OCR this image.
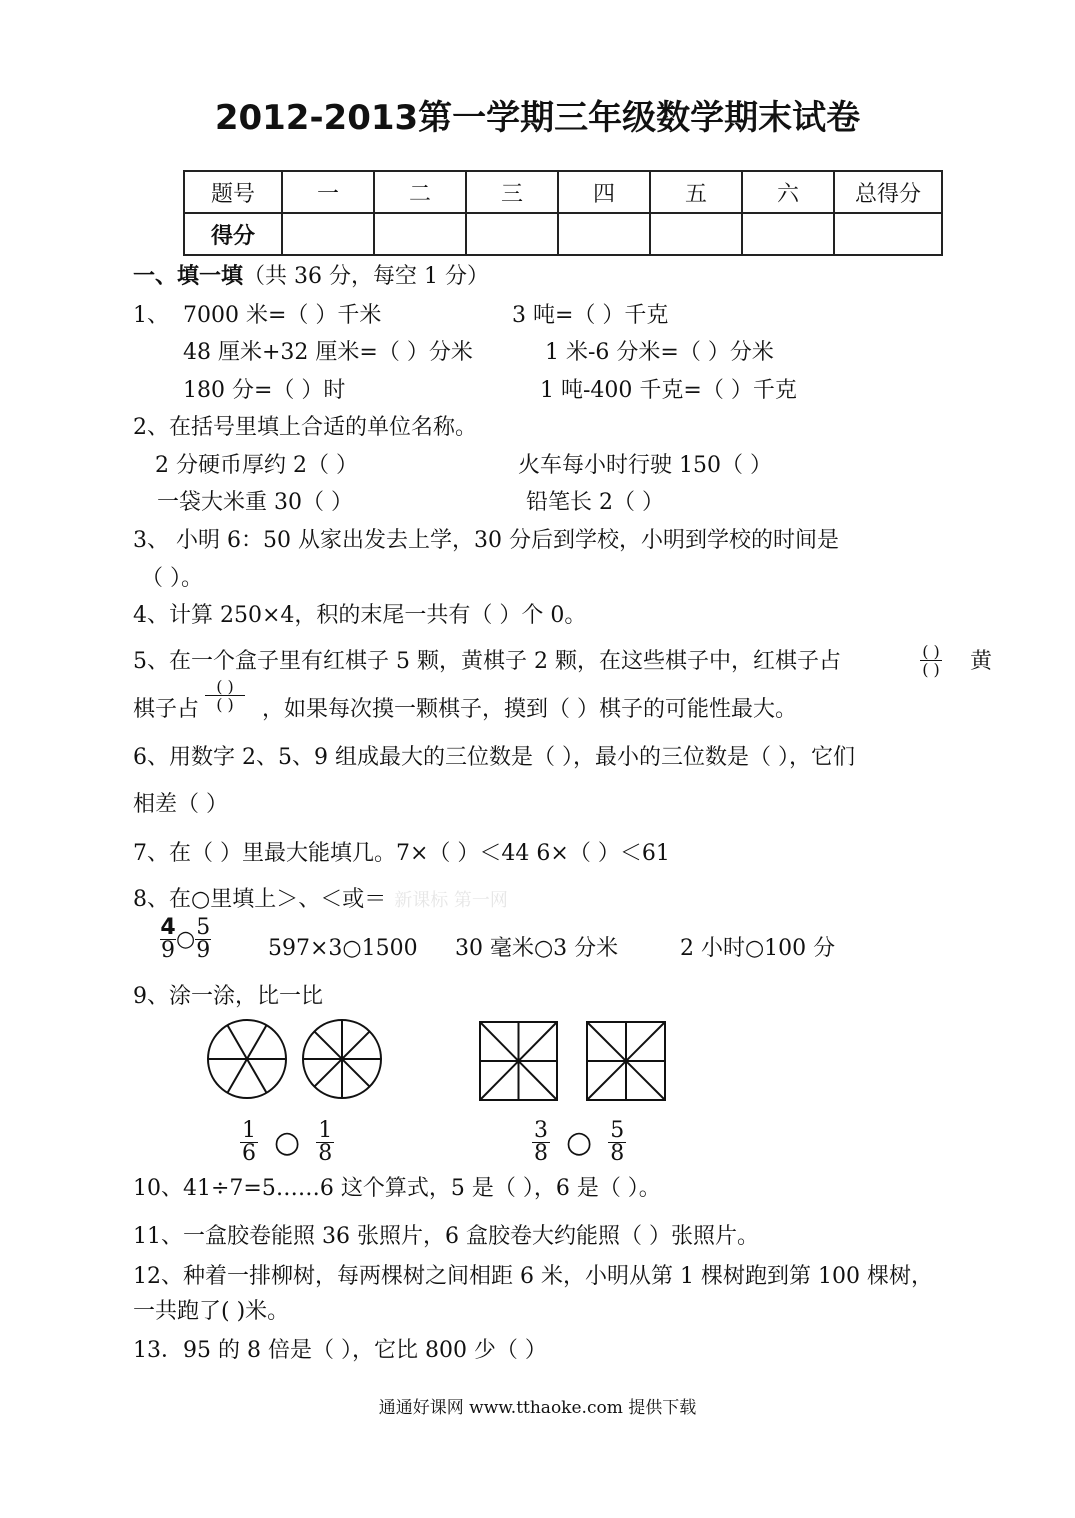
2012-2013第一学期三年级数学期末试卷
题号	一	二	三	四	五	六	总得分
得分							
一、填一填（共 36 分，每空 1 分）
1、 7000 米=（ ）千米	3 吨=（ ）千克
48 厘米+32 厘米=（ ）分米	1 米-6 分米=（ ）分米
180 分=（ ）时	1 吨-400 千克=（ ）千克
2、在括号里填上合适的单位名称。
2 分硬币厚约 2（ ）	火车每小时行驶 150（ ）
一袋大米重 30（ ）	铅笔长 2（ ）
3、 小明 6：50 从家出发去上学，30 分后到学校，小明到学校的时间是
（ ）。
4、计算 250×4，积的末尾一共有（ ）个 0。
5、在一个盒子里有红棋子 5 颗，黄棋子 2 颗，在这些棋子中，红棋子占	$\frac{( )}{( )}$ 黄
棋子占 $\frac{( )}{( )}$ ，如果每次摸一颗棋子，摸到（ ）棋子的可能性最大。
6、用数字 2、5、9 组成最大的三位数是（ ），最小的三位数是（ ），它们
相差（ ）
7、在（ ）里最大能填几。7×（ ）＜44 6×（ ）＜61
8、在○里填上＞、＜或＝ 新课标 第一网
$\frac{4}{9}$ ○ $\frac{5}{9}$	597×3○1500 30 毫米○3 分米	2 小时○100 分
9、涂一涂，比一比
$\frac{1}{6}$ ○ $\frac{1}{8}$	$\frac{3}{8}$ ○ $\frac{5}{8}$
10、41÷7=5……6 这个算式，5 是（ ），6 是（ ）。
11、一盒胶卷能照 36 张照片，6 盒胶卷大约能照（ ）张照片。
12、种着一排柳树，每两棵树之间相距 6 米，小明从第 1 棵树跑到第 100 棵树，
一共跑了( )米。
13．95 的 8 倍是（ ），它比 800 少（ ）
通通好课网 www.tthaoke.com 提供下载
